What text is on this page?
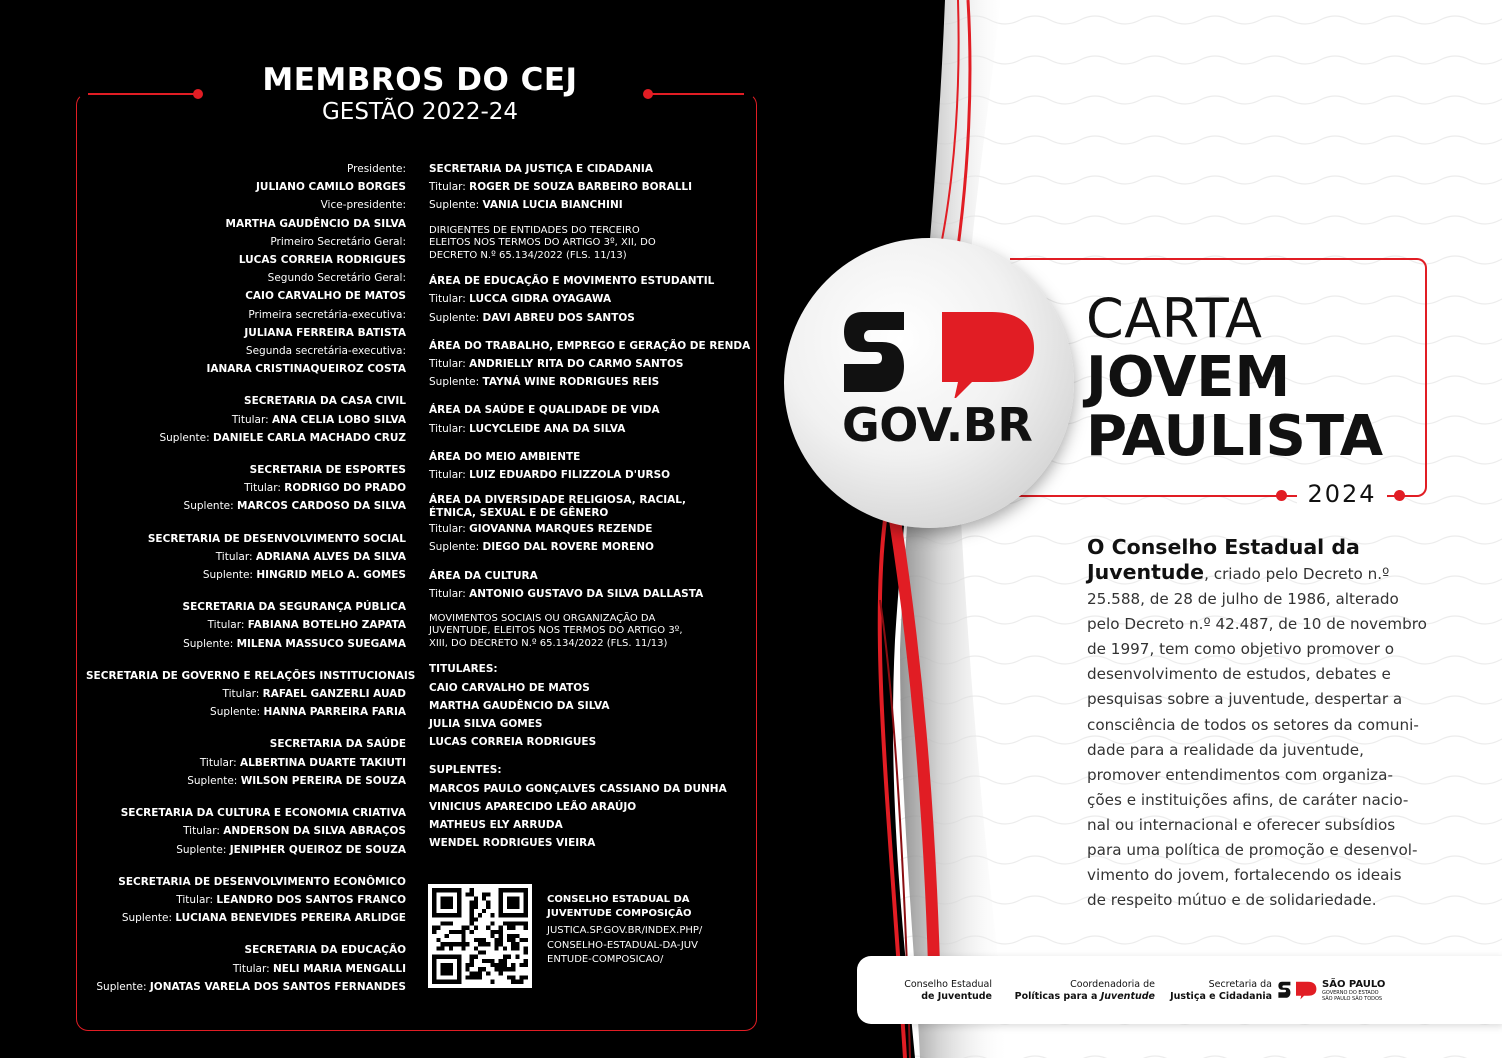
MEMBROS DO CEJ
GESTÃO 2022-24
Presidente:
JULIANO CAMILO BORGES
Vice-presidente:
MARTHA GAUDÊNCIO DA SILVA
Primeiro Secretário Geral:
LUCAS CORREIA RODRIGUES
Segundo Secretário Geral:
CAIO CARVALHO DE MATOS
Primeira secretária-executiva:
JULIANA FERREIRA BATISTA
Segunda secretária-executiva:
IANARA CRISTINAQUEIROZ COSTA
SECRETARIA DA CASA CIVIL
Titular: ANA CELIA LOBO SILVA
Suplente: DANIELE CARLA MACHADO CRUZ
SECRETARIA DE ESPORTES
Titular: RODRIGO DO PRADO
Suplente: MARCOS CARDOSO DA SILVA
SECRETARIA DE DESENVOLVIMENTO SOCIAL
Titular: ADRIANA ALVES DA SILVA
Suplente: HINGRID MELO A. GOMES
SECRETARIA DA SEGURANÇA PÚBLICA
Titular: FABIANA BOTELHO ZAPATA
Suplente: MILENA MASSUCO SUEGAMA
SECRETARIA DE GOVERNO E RELAÇÕES INSTITUCIONAIS
Titular: RAFAEL GANZERLI AUAD
Suplente: HANNA PARREIRA FARIA
SECRETARIA DA SAÚDE
Titular: ALBERTINA DUARTE TAKIUTI
Suplente: WILSON PEREIRA DE SOUZA
SECRETARIA DA CULTURA E ECONOMIA CRIATIVA
Titular: ANDERSON DA SILVA ABRAÇOS
Suplente: JENIPHER QUEIROZ DE SOUZA
SECRETARIA DE DESENVOLVIMENTO ECONÔMICO
Titular: LEANDRO DOS SANTOS FRANCO
Suplente: LUCIANA BENEVIDES PEREIRA ARLIDGE
SECRETARIA DA EDUCAÇÃO
Titular: NELI MARIA MENGALLI
Suplente: JONATAS VARELA DOS SANTOS FERNANDES
SECRETARIA DA JUSTIÇA E CIDADANIA
Titular: ROGER DE SOUZA BARBEIRO BORALLI
Suplente: VANIA LUCIA BIANCHINI
DIRIGENTES DE ENTIDADES DO TERCEIRO
ELEITOS NOS TERMOS DO ARTIGO 3º, XII, DO
DECRETO N.º 65.134/2022 (FLS. 11/13)
ÁREA DE EDUCAÇÃO E MOVIMENTO ESTUDANTIL
Titular: LUCCA GIDRA OYAGAWA
Suplente: DAVI ABREU DOS SANTOS
ÁREA DO TRABALHO, EMPREGO E GERAÇÃO DE RENDA
Titular: ANDRIELLY RITA DO CARMO SANTOS
Suplente: TAYNÁ WINE RODRIGUES REIS
ÁREA DA SAÚDE E QUALIDADE DE VIDA
Titular: LUCYCLEIDE ANA DA SILVA
ÁREA DO MEIO AMBIENTE
Titular: LUIZ EDUARDO FILIZZOLA D'URSO
ÁREA DA DIVERSIDADE RELIGIOSA, RACIAL,
ÉTNICA, SEXUAL E DE GÊNERO
Titular: GIOVANNA MARQUES REZENDE
Suplente: DIEGO DAL ROVERE MORENO
ÁREA DA CULTURA
Titular: ANTONIO GUSTAVO DA SILVA DALLASTA
MOVIMENTOS SOCIAIS OU ORGANIZAÇÃO DA
JUVENTUDE, ELEITOS NOS TERMOS DO ARTIGO 3º,
XIII, DO DECRETO N.º 65.134/2022 (FLS. 11/13)
TITULARES:
CAIO CARVALHO DE MATOS
MARTHA GAUDÊNCIO DA SILVA
JULIA SILVA GOMES
LUCAS CORREIA RODRIGUES
SUPLENTES:
MARCOS PAULO GONÇALVES CASSIANO DA DUNHA
VINICIUS APARECIDO LEÃO ARAÚJO
MATHEUS ELY ARRUDA
WENDEL RODRIGUES VIEIRA
CONSELHO ESTADUAL DA
JUVENTUDE COMPOSIÇÃO
JUSTICA.SP.GOV.BR/INDEX.PHP/
CONSELHO-ESTADUAL-DA-JUV
ENTUDE-COMPOSICAO/
GOV.BR
CARTA
JOVEM
PAULISTA
2024
O Conselho Estadual da
Juventude, criado pelo Decreto n.º
25.588, de 28 de julho de 1986, alterado
pelo Decreto n.º 42.487, de 10 de novembro
de 1997, tem como objetivo promover o
desenvolvimento de estudos, debates e
pesquisas sobre a juventude, despertar a
consciência de todos os setores da comuni-
dade para a realidade da juventude,
promover entendimentos com organiza-
ções e instituições afins, de caráter nacio-
nal ou internacional e oferecer subsídios
para uma política de promoção e desenvol-
vimento do jovem, fortalecendo os ideais
de respeito mútuo e de solidariedade.
Conselho Estadual
de Juventude
Coordenadoria de
Políticas para a Juventude
Secretaria da
Justiça e Cidadania
SÃO PAULO
GOVERNO DO ESTADO
SÃO PAULO SÃO TODOS
